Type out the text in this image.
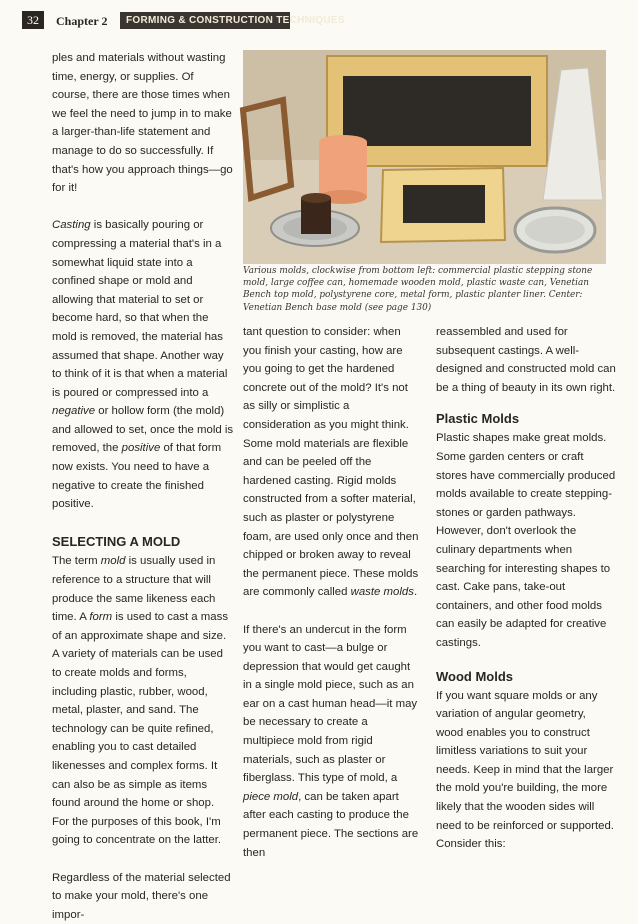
32	Chapter 2	FORMING & CONSTRUCTION TECHNIQUES

ples and materials without wasting time, energy, or supplies. Of course, there are those times when we feel the need to jump in to make a larger-than-life statement and manage to do so successfully. If that's how you approach things—go for it!

Casting is basically pouring or compressing a material that's in a somewhat liquid state into a confined shape or mold and allowing that material to set or become hard, so that when the mold is removed, the material has assumed that shape. Another way to think of it is that when a material is poured or compressed into a negative or hollow form (the mold) and allowed to set, once the mold is removed, the positive of that form now exists. You need to have a negative to create the finished positive.

SELECTING A MOLD

The term mold is usually used in reference to a structure that will produce the same likeness each time. A form is used to cast a mass of an approximate shape and size. A variety of materials can be used to create molds and forms, including plastic, rubber, wood, metal, plaster, and sand. The technology can be quite refined, enabling you to cast detailed likenesses and complex forms. It can also be as simple as items found around the home or shop. For the purposes of this book, I'm going to concentrate on the latter.

Regardless of the material selected to make your mold, there's one impor-

Various molds, clockwise from bottom left: commercial plastic stepping stone mold, large coffee can, homemade wooden mold, plastic waste can, Venetian Bench top mold, polystyrene core, metal form, plastic planter liner. Center: Venetian Bench base mold (see page 130)

tant question to consider: when you finish your casting, how are you going to get the hardened concrete out of the mold? It's not as silly or simplistic a consideration as you might think. Some mold materials are flexible and can be peeled off the hardened casting. Rigid molds constructed from a softer material, such as plaster or polystyrene foam, are used only once and then chipped or broken away to reveal the permanent piece. These molds are commonly called waste molds.

If there's an undercut in the form you want to cast—a bulge or depression that would get caught in a single mold piece, such as an ear on a cast human head—it may be necessary to create a multipiece mold from rigid materials, such as plaster or fiberglass. This type of mold, a piece mold, can be taken apart after each casting to produce the permanent piece. The sections are then

reassembled and used for subsequent castings. A well-designed and constructed mold can be a thing of beauty in its own right.

Plastic Molds

Plastic shapes make great molds. Some garden centers or craft stores have commercially produced molds available to create stepping-stones or garden pathways. However, don't overlook the culinary departments when searching for interesting shapes to cast. Cake pans, take-out containers, and other food molds can easily be adapted for creative castings.

Wood Molds

If you want square molds or any variation of angular geometry, wood enables you to construct limitless variations to suit your needs. Keep in mind that the larger the mold you're building, the more likely that the wooden sides will need to be reinforced or supported. Consider this:
